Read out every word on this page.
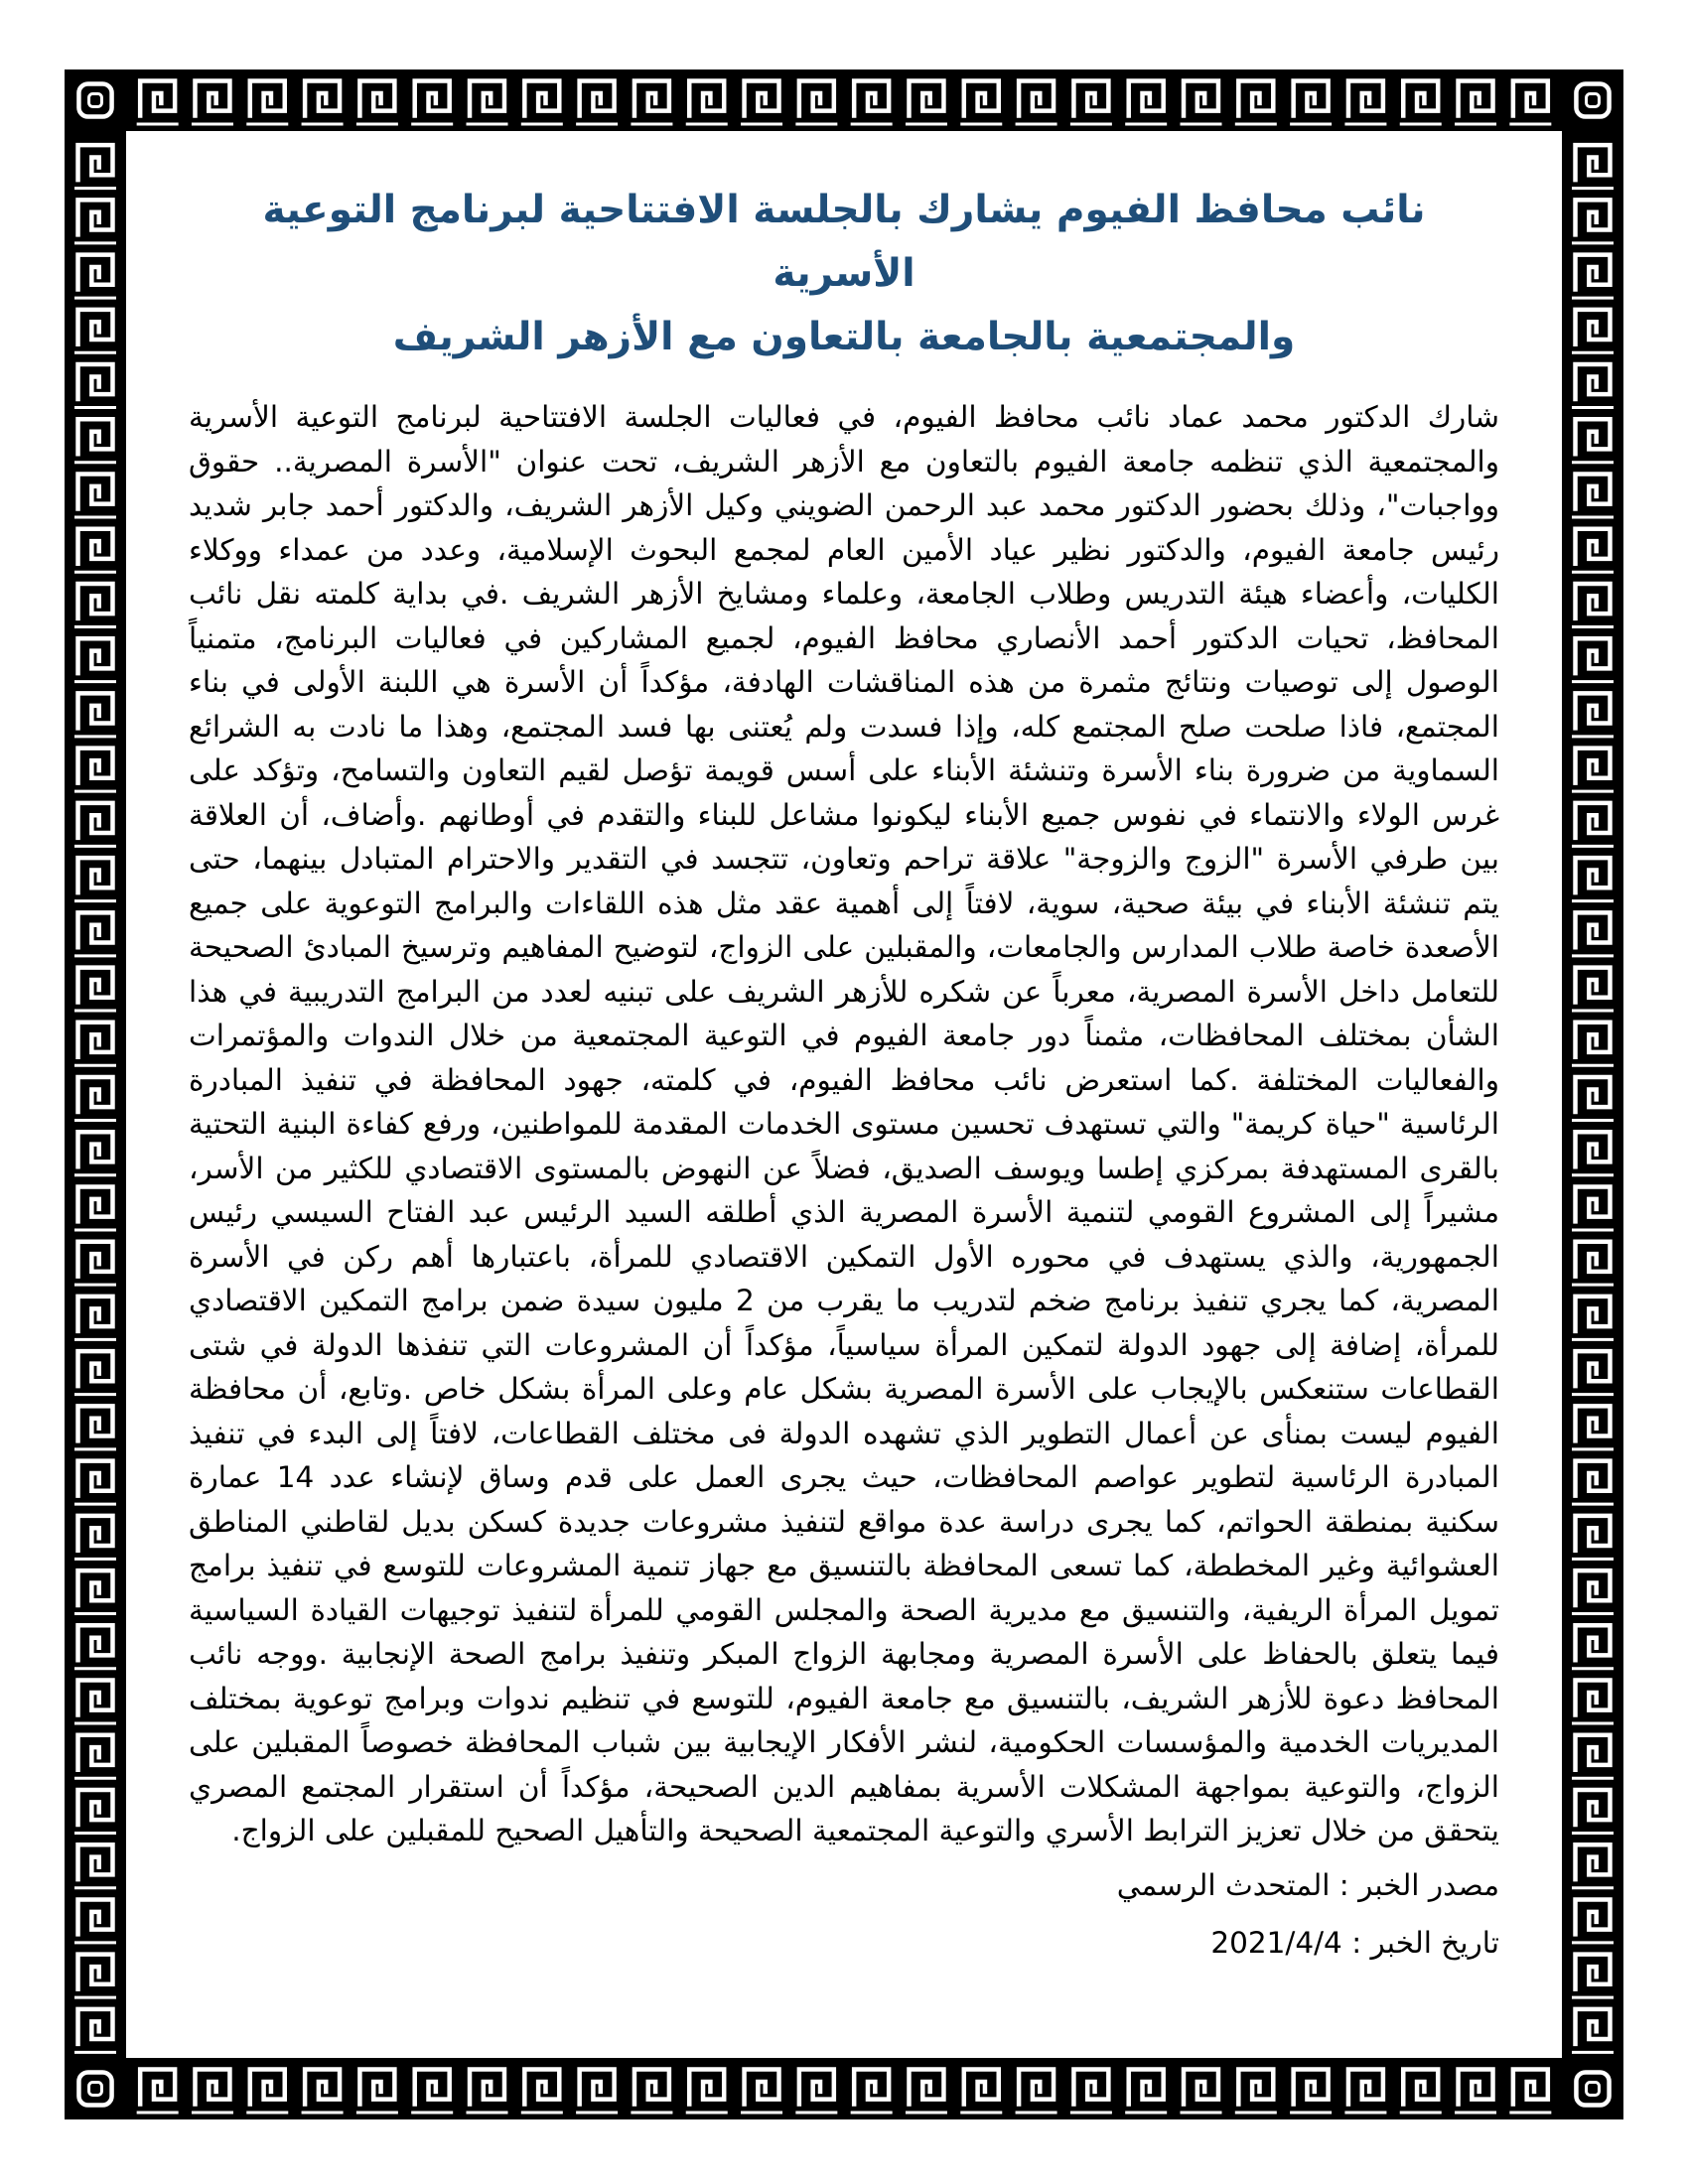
نائب محافظ الفيوم يشارك بالجلسة الافتتاحية لبرنامج التوعية الأسرية
والمجتمعية بالجامعة بالتعاون مع الأزهر الشريف

شارك الدكتور محمد عماد نائب محافظ الفيوم، في فعاليات الجلسة الافتتاحية لبرنامج التوعية الأسرية والمجتمعية الذي تنظمه جامعة الفيوم بالتعاون مع الأزهر الشريف، تحت عنوان "الأسرة المصرية.. حقوق وواجبات"، وذلك بحضور الدكتور محمد عبد الرحمن الضويني وكيل الأزهر الشريف، والدكتور أحمد جابر شديد رئيس جامعة الفيوم، والدكتور نظير عياد الأمين العام لمجمع البحوث الإسلامية، وعدد من عمداء ووكلاء الكليات، وأعضاء هيئة التدريس وطلاب الجامعة، وعلماء ومشايخ الأزهر الشريف .في بداية كلمته نقل نائب المحافظ، تحيات الدكتور أحمد الأنصاري محافظ الفيوم، لجميع المشاركين في فعاليات البرنامج، متمنياً الوصول إلى توصيات ونتائج مثمرة من هذه المناقشات الهادفة، مؤكداً أن الأسرة هي اللبنة الأولى في بناء المجتمع، فاذا صلحت صلح المجتمع كله، وإذا فسدت ولم يُعتنى بها فسد المجتمع، وهذا ما نادت به الشرائع السماوية من ضرورة بناء الأسرة وتنشئة الأبناء على أسس قويمة تؤصل لقيم التعاون والتسامح، وتؤكد على غرس الولاء والانتماء في نفوس جميع الأبناء ليكونوا مشاعل للبناء والتقدم في أوطانهم .وأضاف، أن العلاقة بين طرفي الأسرة "الزوج والزوجة" علاقة تراحم وتعاون، تتجسد في التقدير والاحترام المتبادل بينهما، حتى يتم تنشئة الأبناء في بيئة صحية، سوية، لافتاً إلى أهمية عقد مثل هذه اللقاءات والبرامج التوعوية على جميع الأصعدة خاصة طلاب المدارس والجامعات، والمقبلين على الزواج، لتوضيح المفاهيم وترسيخ المبادئ الصحيحة للتعامل داخل الأسرة المصرية، معرباً عن شكره للأزهر الشريف على تبنيه لعدد من البرامج التدريبية في هذا الشأن بمختلف المحافظات، مثمناً دور جامعة الفيوم في التوعية المجتمعية من خلال الندوات والمؤتمرات والفعاليات المختلفة .كما استعرض نائب محافظ الفيوم، في كلمته، جهود المحافظة في تنفيذ المبادرة الرئاسية "حياة كريمة" والتي تستهدف تحسين مستوى الخدمات المقدمة للمواطنين، ورفع كفاءة البنية التحتية بالقرى المستهدفة بمركزي إطسا ويوسف الصديق، فضلاً عن النهوض بالمستوى الاقتصادي للكثير من الأسر، مشيراً إلى المشروع القومي لتنمية الأسرة المصرية الذي أطلقه السيد الرئيس عبد الفتاح السيسي رئيس الجمهورية، والذي يستهدف في محوره الأول التمكين الاقتصادي للمرأة، باعتبارها أهم ركن في الأسرة المصرية، كما يجري تنفيذ برنامج ضخم لتدريب ما يقرب من 2 مليون سيدة ضمن برامج التمكين الاقتصادي للمرأة، إضافة إلى جهود الدولة لتمكين المرأة سياسياً، مؤكداً أن المشروعات التي تنفذها الدولة في شتى القطاعات ستنعكس بالإيجاب على الأسرة المصرية بشكل عام وعلى المرأة بشكل خاص .وتابع، أن محافظة الفيوم ليست بمنأى عن أعمال التطوير الذي تشهده الدولة فى مختلف القطاعات، لافتاً إلى البدء في تنفيذ المبادرة الرئاسية لتطوير عواصم المحافظات، حيث يجرى العمل على قدم وساق لإنشاء عدد 14 عمارة سكنية بمنطقة الحواتم، كما يجرى دراسة عدة مواقع لتنفيذ مشروعات جديدة كسكن بديل لقاطني المناطق العشوائية وغير المخططة، كما تسعى المحافظة بالتنسيق مع جهاز تنمية المشروعات للتوسع في تنفيذ برامج تمويل المرأة الريفية، والتنسيق مع مديرية الصحة والمجلس القومي للمرأة لتنفيذ توجيهات القيادة السياسية فيما يتعلق بالحفاظ على الأسرة المصرية ومجابهة الزواج المبكر وتنفيذ برامج الصحة الإنجابية .ووجه نائب المحافظ دعوة للأزهر الشريف، بالتنسيق مع جامعة الفيوم، للتوسع في تنظيم ندوات وبرامج توعوية بمختلف المديريات الخدمية والمؤسسات الحكومية، لنشر الأفكار الإيجابية بين شباب المحافظة خصوصاً المقبلين على الزواج، والتوعية بمواجهة المشكلات الأسرية بمفاهيم الدين الصحيحة، مؤكداً أن استقرار المجتمع المصري يتحقق من خلال تعزيز الترابط الأسري والتوعية المجتمعية الصحيحة والتأهيل الصحيح للمقبلين على الزواج.

مصدر الخبر : المتحدث الرسمي

تاريخ الخبر : 2021/4/4
